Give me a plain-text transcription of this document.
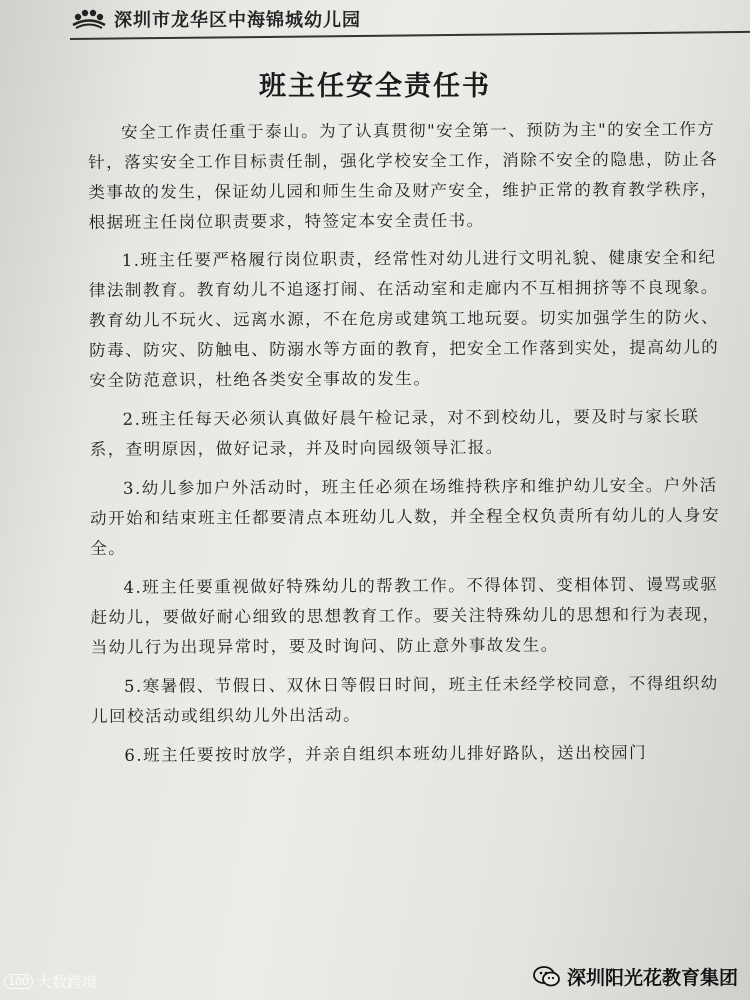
深圳市龙华区中海锦城幼儿园
班主任安全责任书

安全工作责任重于泰山。为了认真贯彻"安全第一、预防为主"的安全工作方针，落实安全工作目标责任制，强化学校安全工作，消除不安全的隐患，防止各类事故的发生，保证幼儿园和师生生命及财产安全，维护正常的教育教学秩序，根据班主任岗位职责要求，特签定本安全责任书。

1.班主任要严格履行岗位职责，经常性对幼儿进行文明礼貌、健康安全和纪律法制教育。教育幼儿不追逐打闹、在活动室和走廊内不互相拥挤等不良现象。教育幼儿不玩火、远离水源，不在危房或建筑工地玩耍。切实加强学生的防火、防毒、防灾、防触电、防溺水等方面的教育，把安全工作落到实处，提高幼儿的安全防范意识，杜绝各类安全事故的发生。

2.班主任每天必须认真做好晨午检记录，对不到校幼儿，要及时与家长联系，查明原因，做好记录，并及时向园级领导汇报。

3.幼儿参加户外活动时，班主任必须在场维持秩序和维护幼儿安全。户外活动开始和结束班主任都要清点本班幼儿人数，并全程全权负责所有幼儿的人身安全。

4.班主任要重视做好特殊幼儿的帮教工作。不得体罚、变相体罚、谩骂或驱赶幼儿，要做好耐心细致的思想教育工作。要关注特殊幼儿的思想和行为表现，当幼儿行为出现异常时，要及时询问、防止意外事故发生。

5.寒暑假、节假日、双休日等假日时间，班主任未经学校同意，不得组织幼儿回校活动或组织幼儿外出活动。

6.班主任要按时放学，并亲自组织本班幼儿排好路队，送出校园门

100 大数跨境	深圳阳光花教育集团
